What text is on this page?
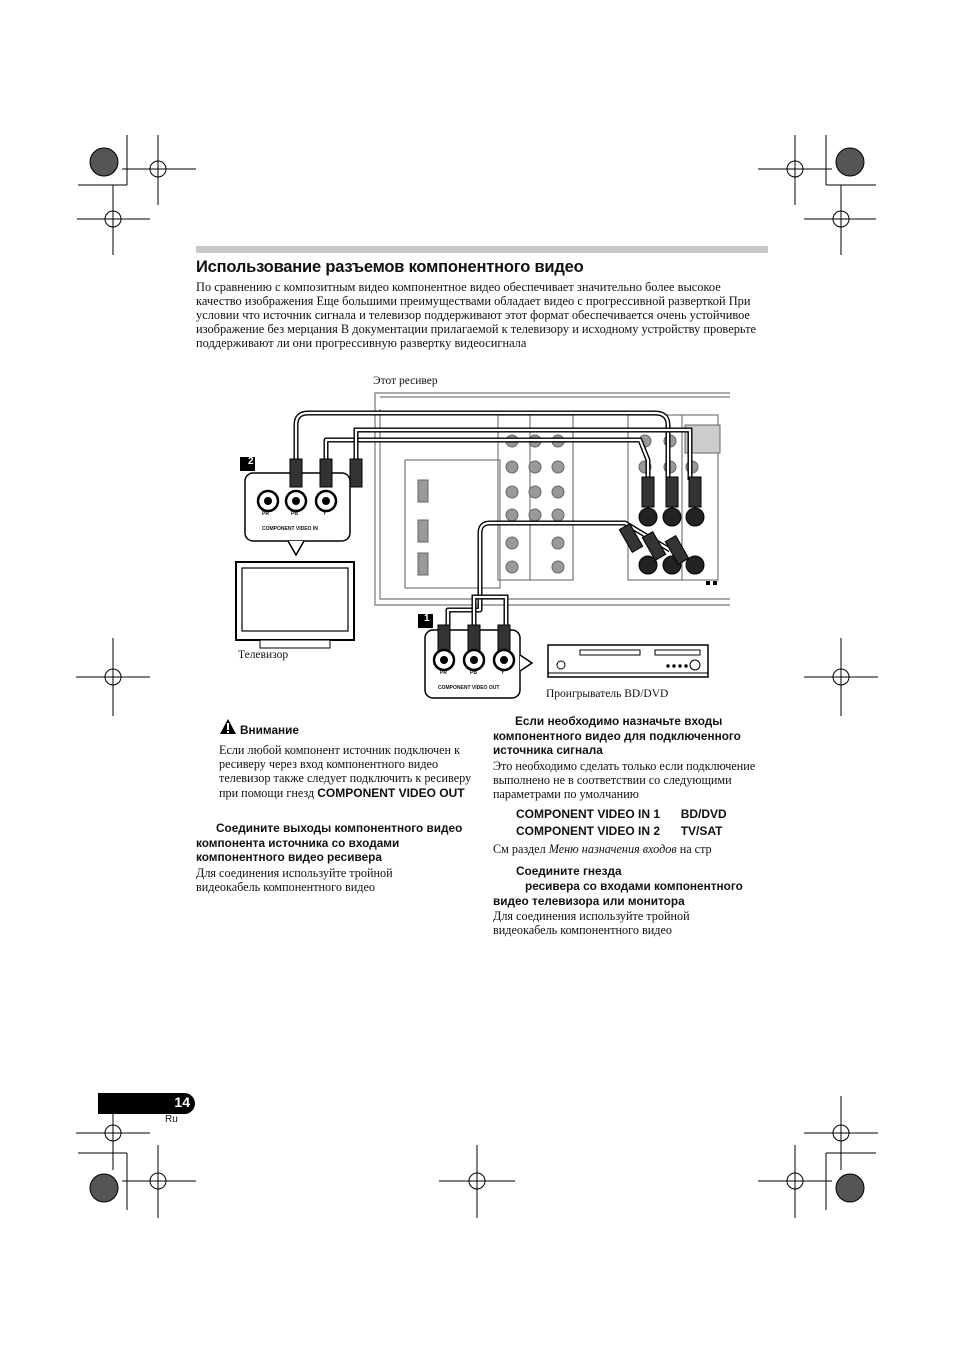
Использование разъемов компонентного видео
По сравнению с композитным видео компонентное видео обеспечивает значительно более высокое качество изображения Еще большими преимуществами обладает видео с прогрессивной разверткой При условии что источник сигнала и телевизор поддерживают этот формат обеспечивается очень устойчивое изображение без мерцания В документации прилагаемой к телевизору и исходному устройству проверьте поддерживают ли они прогрессивную развертку видеосигнала
Этот ресивер
Телевизор
Проигрыватель BD/DVD
2
1
PR	PB	Y
COMPONENT VIDEO IN
PR	PB	Y
COMPONENT VIDEO OUT
Внимание
Если любой компонент источник подключен к ресиверу через вход компонентного видео телевизор также следует подключить к ресиверу при помощи гнезд COMPONENT VIDEO OUT
Соедините выходы компонентного видео компонента источника со входами компонентного видео ресивера
Для соединения используйте тройной видеокабель компонентного видео
Если необходимо назначьте входы компонентного видео для подключенного источника сигнала
Это необходимо сделать только если подключение выполнено не в соответствии со следующими параметрами по умолчанию
COMPONENT VIDEO IN 1 BD/DVD
COMPONENT VIDEO IN 2 TV/SAT
См раздел Меню назначения входов на стр
Соедините гнезда
ресивера со входами компонентного видео телевизора или монитора
Для соединения используйте тройной видеокабель компонентного видео
14
Ru
